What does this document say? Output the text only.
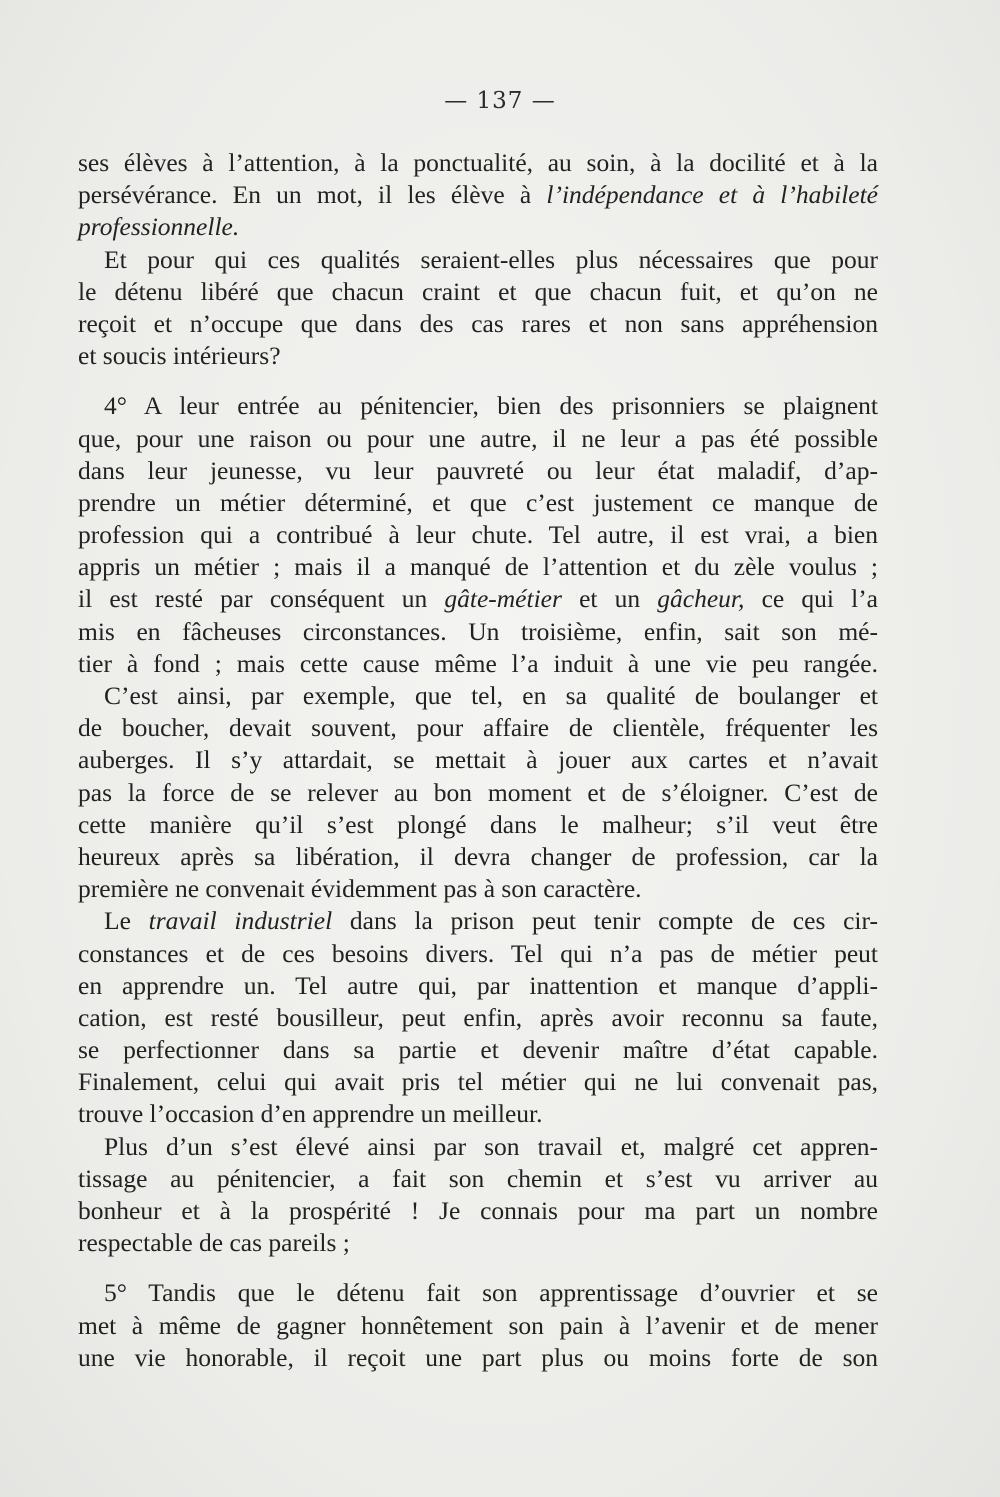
— 137 —
ses élèves à l’attention, à la ponctualité, au soin, à la docilité et à la
persévérance. En un mot, il les élève à l’indépendance et à l’habileté
professionnelle.
Et pour qui ces qualités seraient-elles plus nécessaires que pour
le détenu libéré que chacun craint et que chacun fuit, et qu’on ne
reçoit et n’occupe que dans des cas rares et non sans appréhension
et soucis intérieurs?
4° A leur entrée au pénitencier, bien des prisonniers se plaignent
que, pour une raison ou pour une autre, il ne leur a pas été possible
dans leur jeunesse, vu leur pauvreté ou leur état maladif, d’ap-
prendre un métier déterminé, et que c’est justement ce manque de
profession qui a contribué à leur chute. Tel autre, il est vrai, a bien
appris un métier ; mais il a manqué de l’attention et du zèle voulus ;
il est resté par conséquent un gâte-métier et un gâcheur, ce qui l’a
mis en fâcheuses circonstances. Un troisième, enfin, sait son mé-
tier à fond ; mais cette cause même l’a induit à une vie peu rangée.
C’est ainsi, par exemple, que tel, en sa qualité de boulanger et
de boucher, devait souvent, pour affaire de clientèle, fréquenter les
auberges. Il s’y attardait, se mettait à jouer aux cartes et n’avait
pas la force de se relever au bon moment et de s’éloigner. C’est de
cette manière qu’il s’est plongé dans le malheur; s’il veut être
heureux après sa libération, il devra changer de profession, car la
première ne convenait évidemment pas à son caractère.
Le travail industriel dans la prison peut tenir compte de ces cir-
constances et de ces besoins divers. Tel qui n’a pas de métier peut
en apprendre un. Tel autre qui, par inattention et manque d’appli-
cation, est resté bousilleur, peut enfin, après avoir reconnu sa faute,
se perfectionner dans sa partie et devenir maître d’état capable.
Finalement, celui qui avait pris tel métier qui ne lui convenait pas,
trouve l’occasion d’en apprendre un meilleur.
Plus d’un s’est élevé ainsi par son travail et, malgré cet appren-
tissage au pénitencier, a fait son chemin et s’est vu arriver au
bonheur et à la prospérité ! Je connais pour ma part un nombre
respectable de cas pareils ;
5° Tandis que le détenu fait son apprentissage d’ouvrier et se
met à même de gagner honnêtement son pain à l’avenir et de mener
une vie honorable, il reçoit une part plus ou moins forte de son
